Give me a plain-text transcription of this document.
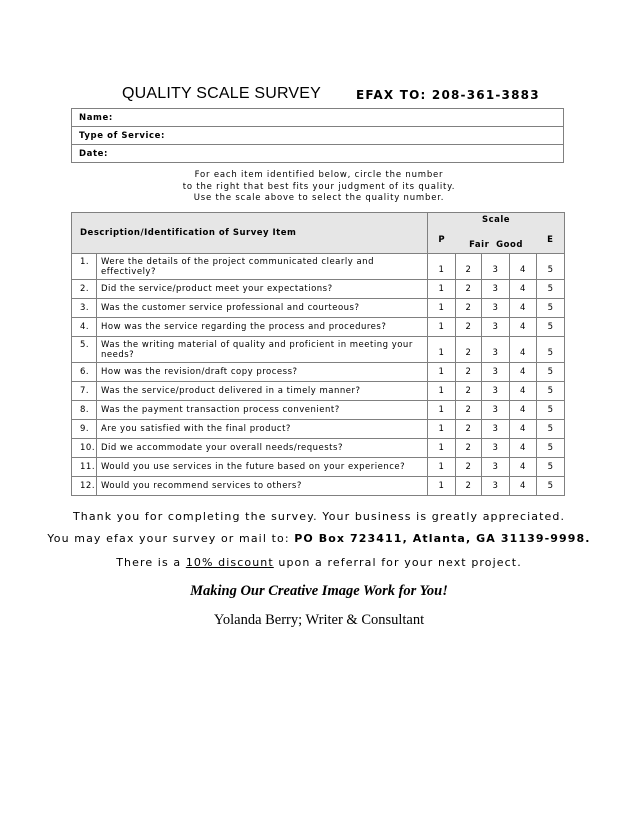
QUALITY SCALE SURVEY	EFAX TO: 208-361-3883
Name:
Type of Service:
Date:
For each item identified below, circle the number
to the right that best fits your judgment of its quality.
Use the scale above to select the quality number.
Description/Identification of Survey Item		Scale				
		P	Fair  Good			E
1.	Were the details of the project communicated clearly and effectively?	1	2	3	4	5
2.	Did the service/product meet your expectations?	1	2	3	4	5
3.	Was the customer service professional and courteous?	1	2	3	4	5
4.	How was the service regarding the process and procedures?	1	2	3	4	5
5.	Was the writing material of quality and proficient in meeting your needs?	1	2	3	4	5
6.	How was the revision/draft copy process?	1	2	3	4	5
7.	Was the service/product delivered in a timely manner?	1	2	3	4	5
8.	Was the payment transaction process convenient?	1	2	3	4	5
9.	Are you satisfied with the final product?	1	2	3	4	5
10.	Did we accommodate your overall needs/requests?	1	2	3	4	5
11.	Would you use services in the future based on your experience?	1	2	3	4	5
12.	Would you recommend services to others?	1	2	3	4	5
Thank you for completing the survey. Your business is greatly appreciated.
You may efax your survey or mail to: PO Box 723411, Atlanta, GA 31139-9998.
There is a 10% discount upon a referral for your next project.
Making Our Creative Image Work for You!
Yolanda Berry; Writer & Consultant
